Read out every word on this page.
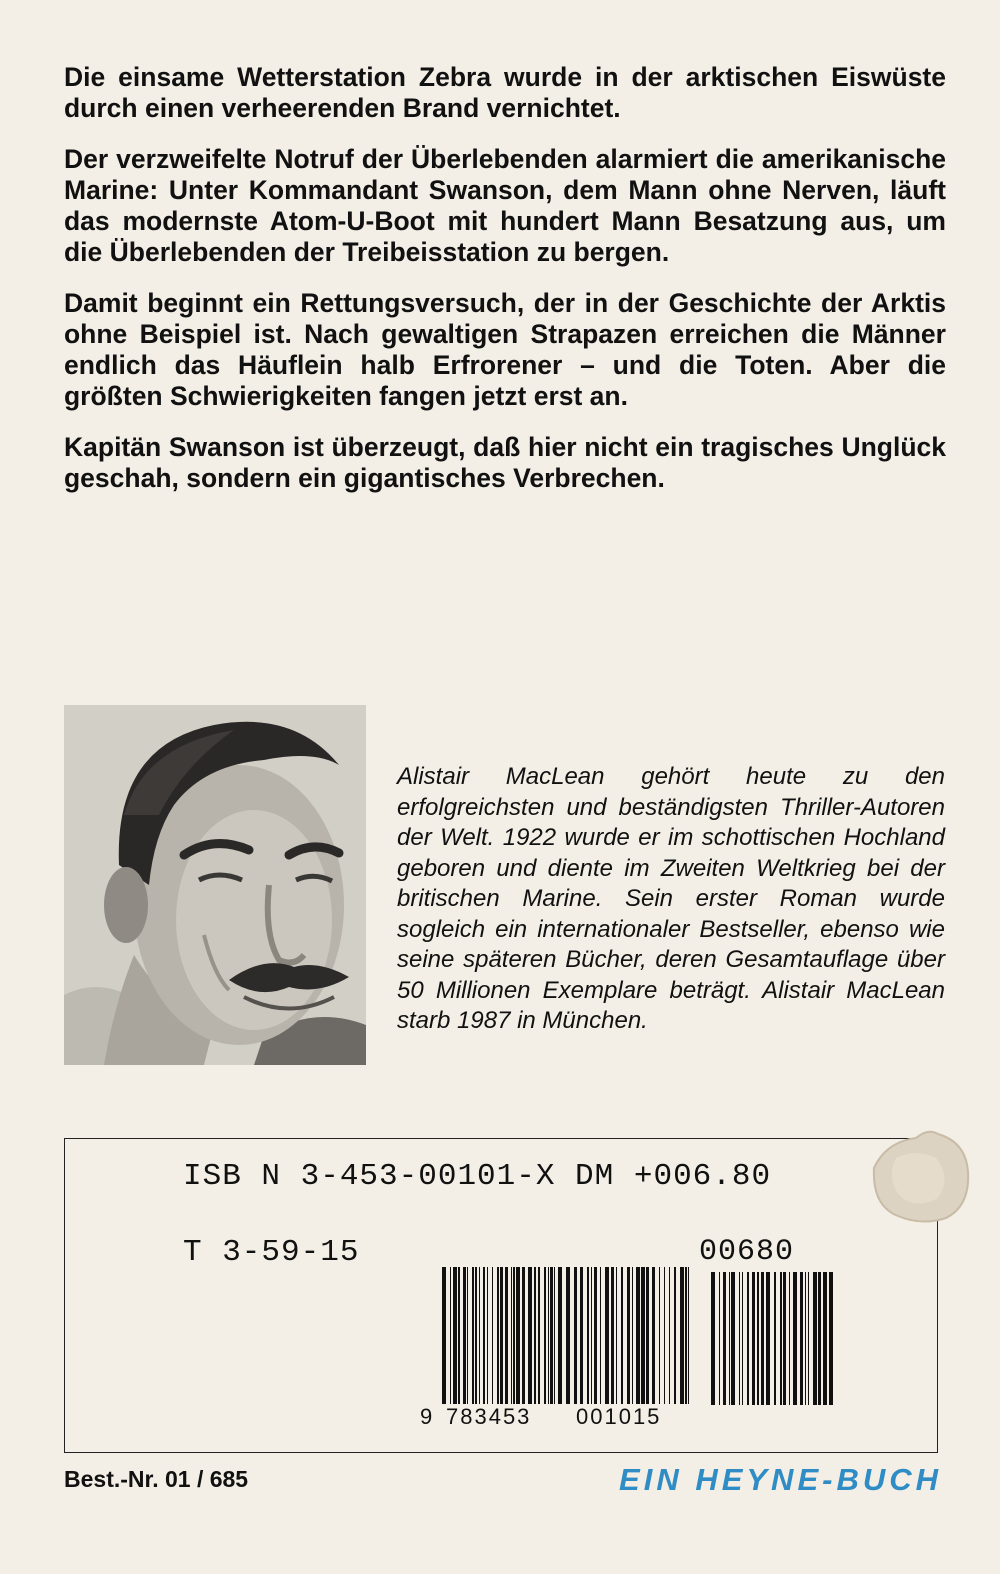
Die einsame Wetterstation Zebra wurde in der arktischen Eiswüste durch einen verheerenden Brand vernichtet.

Der verzweifelte Notruf der Überlebenden alarmiert die amerikanische Marine: Unter Kommandant Swanson, dem Mann ohne Nerven, läuft das modernste Atom-U-Boot mit hundert Mann Besatzung aus, um die Überlebenden der Treibeisstation zu bergen.

Damit beginnt ein Rettungsversuch, der in der Geschichte der Arktis ohne Beispiel ist. Nach gewaltigen Strapazen erreichen die Männer endlich das Häuflein halb Erfrorener – und die Toten. Aber die größten Schwierigkeiten fangen jetzt erst an.

Kapitän Swanson ist überzeugt, daß hier nicht ein tragisches Unglück geschah, sondern ein gigantisches Verbrechen.

Alistair MacLean gehört heute zu den erfolgreichsten und beständigsten Thriller-Autoren der Welt. 1922 wurde er im schottischen Hochland geboren und diente im Zweiten Weltkrieg bei der britischen Marine. Sein erster Roman wurde sogleich ein internationaler Bestseller, ebenso wie seine späteren Bücher, deren Gesamtauflage über 50 Millionen Exemplare beträgt. Alistair MacLean starb 1987 in München.

ISB N 3-453-00101-X DM +006.80
T 3-59-15	00680
9 783453	001015
Best.-Nr. 01 / 685	EIN HEYNE-BUCH
